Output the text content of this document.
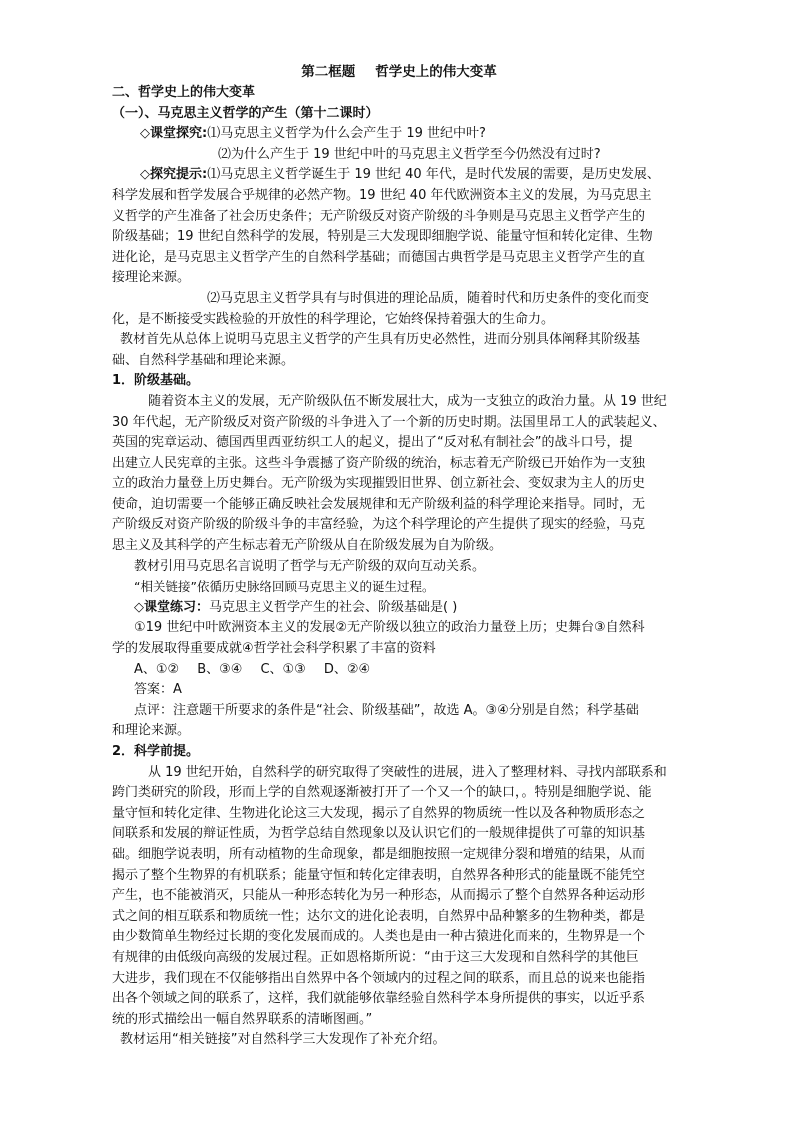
第二框题 哲学史上的伟大变革
二、哲学史上的伟大变革
（一）、马克思主义哲学的产生（第十二课时）
◇课堂探究:⑴马克思主义哲学为什么会产生于 19 世纪中叶?
⑵为什么产生于 19 世纪中叶的马克思主义哲学至今仍然没有过时?
◇探究提示:⑴马克思主义哲学诞生于 19 世纪 40 年代，是时代发展的需要，是历史发展、
科学发展和哲学发展合乎规律的必然产物。19 世纪 40 年代欧洲资本主义的发展，为马克思主
义哲学的产生准备了社会历史条件；无产阶级反对资产阶级的斗争则是马克思主义哲学产生的
阶级基础；19 世纪自然科学的发展，特别是三大发现即细胞学说、能量守恒和转化定律、生物
进化论，是马克思主义哲学产生的自然科学基础；而德国古典哲学是马克思主义哲学产生的直
接理论来源。
⑵马克思主义哲学具有与时俱进的理论品质，随着时代和历史条件的变化而变
化，是不断接受实践检验的开放性的科学理论，它始终保持着强大的生命力。
教材首先从总体上说明马克思主义哲学的产生具有历史必然性，进而分别具体阐释其阶级基
础、自然科学基础和理论来源。
1．阶级基础。
随着资本主义的发展，无产阶级队伍不断发展壮大，成为一支独立的政治力量。从 19 世纪
30 年代起，无产阶级反对资产阶级的斗争进入了一个新的历史时期。法国里昂工人的武装起义、
英国的宪章运动、德国西里西亚纺织工人的起义，提出了“反对私有制社会”的战斗口号，提
出建立人民宪章的主张。这些斗争震撼了资产阶级的统治，标志着无产阶级已开始作为一支独
立的政治力量登上历史舞台。无产阶级为实现摧毁旧世界、创立新社会、变奴隶为主人的历史
使命，迫切需要一个能够正确反映社会发展规律和无产阶级利益的科学理论来指导。同时，无
产阶级反对资产阶级的阶级斗争的丰富经验，为这个科学理论的产生提供了现实的经验，马克
思主义及其科学的产生标志着无产阶级从自在阶级发展为自为阶级。
教材引用马克思名言说明了哲学与无产阶级的双向互动关系。
“相关链接”依循历史脉络回顾马克思主义的诞生过程。
◇课堂练习：马克思主义哲学产生的社会、阶级基础是( )
①19 世纪中叶欧洲资本主义的发展②无产阶级以独立的政治力量登上历；史舞台③自然科
学的发展取得重要成就④哲学社会科学积累了丰富的资料
A、①② B、③④ C、①③ D、②④
答案：A
点评：注意题干所要求的条件是“社会、阶级基础”，故选 A。③④分别是自然；科学基础
和理论来源。
2．科学前提。
从 19 世纪开始，自然科学的研究取得了突破性的进展，进入了整理材料、寻找内部联系和
跨门类研究的阶段，形而上学的自然观逐渐被打开了一个又一个的缺口，。特别是细胞学说、能
量守恒和转化定律、生物进化论这三大发现，揭示了自然界的物质统一性以及各种物质形态之
间联系和发展的辩证性质，为哲学总结自然现象以及认识它们的一般规律提供了可靠的知识基
础。细胞学说表明，所有动植物的生命现象，都是细胞按照一定规律分裂和增殖的结果，从而
揭示了整个生物界的有机联系；能量守恒和转化定律表明，自然界各种形式的能量既不能凭空
产生，也不能被消灭，只能从一种形态转化为另一种形态，从而揭示了整个自然界各种运动形
式之间的相互联系和物质统一性；达尔文的进化论表明，自然界中品种繁多的生物种类，都是
由少数简单生物经过长期的变化发展而成的。人类也是由一种古猿进化而来的，生物界是一个
有规律的由低级向高级的发展过程。正如恩格斯所说：“由于这三大发现和自然科学的其他巨
大进步，我们现在不仅能够指出自然界中各个领域内的过程之间的联系，而且总的说来也能指
出各个领域之间的联系了，这样，我们就能够依靠经验自然科学本身所提供的事实，以近乎系
统的形式描绘出一幅自然界联系的清晰图画。”
教材运用“相关链接”对自然科学三大发现作了补充介绍。
